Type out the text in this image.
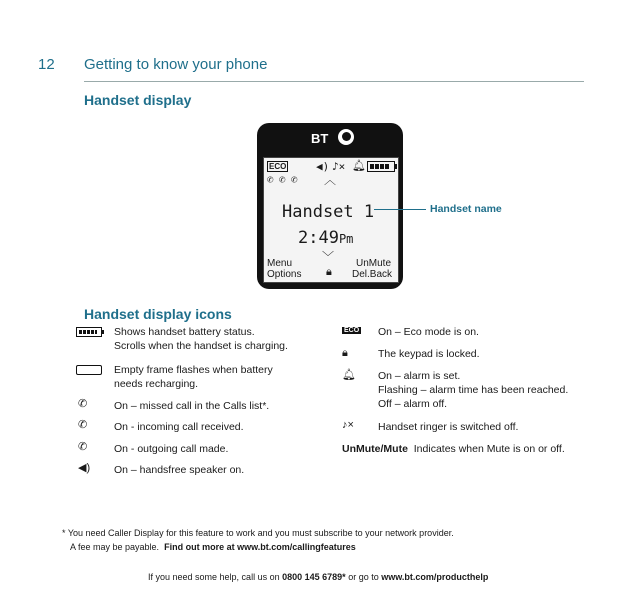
12 Getting to know your phone
Handset display
BT
ECO	◀) ♪× 🔔︎
✆ ✆ ✆ ︿
Handset 1
2:49Pm
﹀
Menu
Options 🔒︎
UnMute
Del.Back
Handset name
Handset display icons
Shows handset battery status.
Scrolls when the handset is charging.
Empty frame flashes when battery
needs recharging.
✆	On – missed call in the Calls list*.
✆	On - incoming call received.
✆	On - outgoing call made.
◀) On – handsfree speaker on.
ECO On – Eco mode is on.
🔒︎	The keypad is locked.
🔔︎ On – alarm is set.
Flashing – alarm time has been reached.
Off – alarm off.
♪× Handset ringer is switched off.
UnMute/Mute Indicates when Mute is on or off.
* You need Caller Display for this feature to work and you must subscribe to your network provider.
A fee may be payable. Find out more at www.bt.com/callingfeatures
If you need some help, call us on 0800 145 6789* or go to www.bt.com/producthelp
